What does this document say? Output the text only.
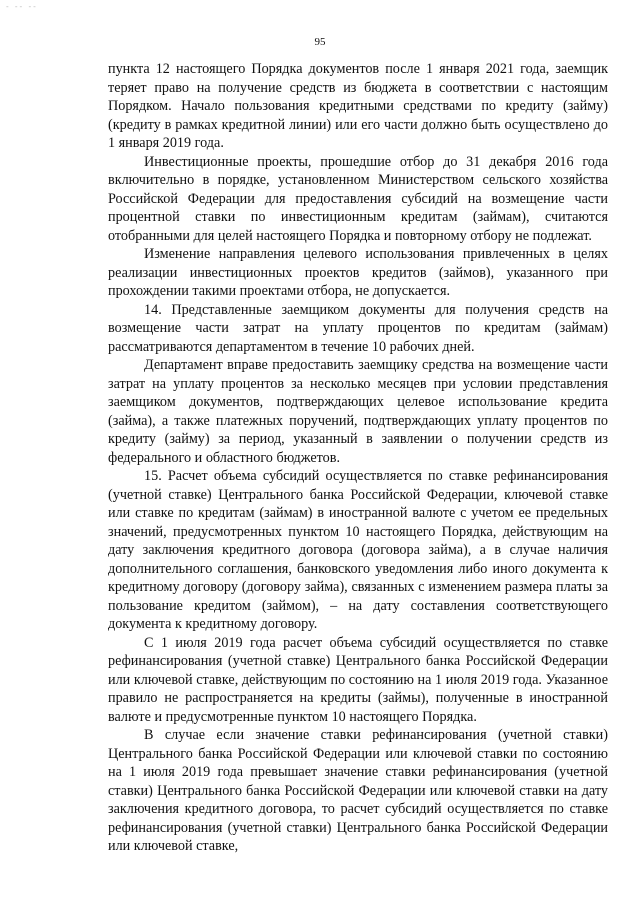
- -- --
95

пункта 12 настоящего Порядка документов после 1 января 2021 года, заемщик теряет право на получение средств из бюджета в соответствии с настоящим Порядком. Начало пользования кредитными средствами по кредиту (займу) (кредиту в рамках кредитной линии) или его части должно быть осуществлено до 1 января 2019 года.

Инвестиционные проекты, прошедшие отбор до 31 декабря 2016 года включительно в порядке, установленном Министерством сельского хозяйства Российской Федерации для предоставления субсидий на возмещение части процентной ставки по инвестиционным кредитам (займам), считаются отобранными для целей настоящего Порядка и повторному отбору не подлежат.

Изменение направления целевого использования привлеченных в целях реализации инвестиционных проектов кредитов (займов), указанного при прохождении такими проектами отбора, не допускается.

14. Представленные заемщиком документы для получения средств на возмещение части затрат на уплату процентов по кредитам (займам) рассматриваются департаментом в течение 10 рабочих дней.

Департамент вправе предоставить заемщику средства на возмещение части затрат на уплату процентов за несколько месяцев при условии представления заемщиком документов, подтверждающих целевое использование кредита (займа), а также платежных поручений, подтверждающих уплату процентов по кредиту (займу) за период, указанный в заявлении о получении средств из федерального и областного бюджетов.

15. Расчет объема субсидий осуществляется по ставке рефинансирования (учетной ставке) Центрального банка Российской Федерации, ключевой ставке или ставке по кредитам (займам) в иностранной валюте с учетом ее предельных значений, предусмотренных пунктом 10 настоящего Порядка, действующим на дату заключения кредитного договора (договора займа), а в случае наличия дополнительного соглашения, банковского уведомления либо иного документа к кредитному договору (договору займа), связанных с изменением размера платы за пользование кредитом (займом), – на дату составления соответствующего документа к кредитному договору.

С 1 июля 2019 года расчет объема субсидий осуществляется по ставке рефинансирования (учетной ставке) Центрального банка Российской Федерации или ключевой ставке, действующим по состоянию на 1 июля 2019 года. Указанное правило не распространяется на кредиты (займы), полученные в иностранной валюте и предусмотренные пунктом 10 настоящего Порядка.

В случае если значение ставки рефинансирования (учетной ставки) Центрального банка Российской Федерации или ключевой ставки по состоянию на 1 июля 2019 года превышает значение ставки рефинансирования (учетной ставки) Центрального банка Российской Федерации или ключевой ставки на дату заключения кредитного договора, то расчет субсидий осуществляется по ставке рефинансирования (учетной ставки) Центрального банка Российской Федерации или ключевой ставке,
